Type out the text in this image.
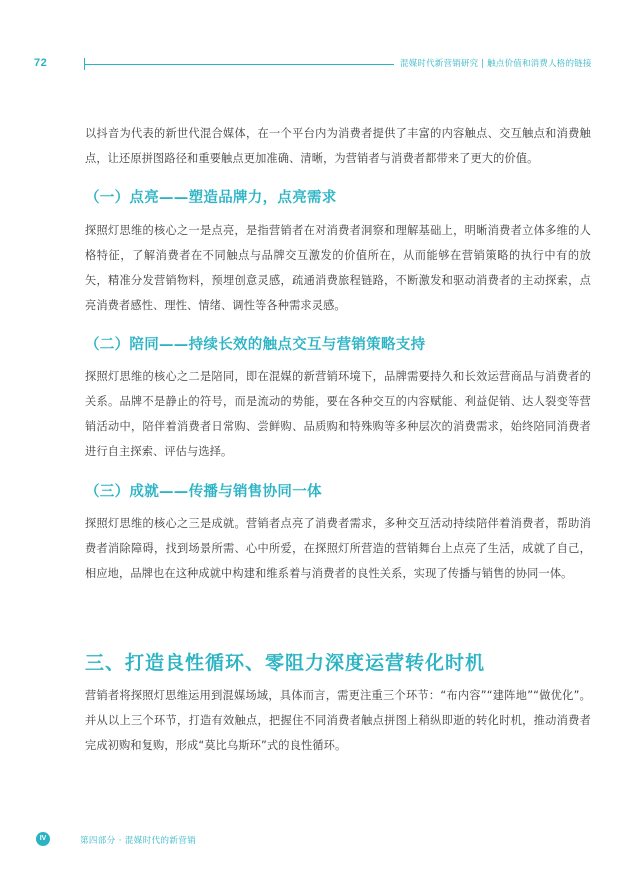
72	混媒时代新营销研究 | 触点价值和消费人格的链接

以抖音为代表的新世代混合媒体，在一个平台内为消费者提供了丰富的内容触点、交互触点和消费触点，让还原拼图路径和重要触点更加准确、清晰，为营销者与消费者都带来了更大的价值。

（一）点亮——塑造品牌力，点亮需求

探照灯思维的核心之一是点亮，是指营销者在对消费者洞察和理解基础上，明晰消费者立体多维的人格特征，了解消费者在不同触点与品牌交互激发的价值所在，从而能够在营销策略的执行中有的放矢，精准分发营销物料，预埋创意灵感，疏通消费旅程链路，不断激发和驱动消费者的主动探索，点亮消费者感性、理性、情绪、调性等各种需求灵感。

（二）陪同——持续长效的触点交互与营销策略支持

探照灯思维的核心之二是陪同，即在混媒的新营销环境下，品牌需要持久和长效运营商品与消费者的关系。品牌不是静止的符号，而是流动的势能，要在各种交互的内容赋能、利益促销、达人裂变等营销活动中，陪伴着消费者日常购、尝鲜购、品质购和特殊购等多种层次的消费需求，始终陪同消费者进行自主探索、评估与选择。

（三）成就——传播与销售协同一体

探照灯思维的核心之三是成就。营销者点亮了消费者需求，多种交互活动持续陪伴着消费者，帮助消费者消除障碍，找到场景所需、心中所爱，在探照灯所营造的营销舞台上点亮了生活，成就了自己，相应地，品牌也在这种成就中构建和维系着与消费者的良性关系，实现了传播与销售的协同一体。

三、打造良性循环、零阻力深度运营转化时机

营销者将探照灯思维运用到混媒场域，具体而言，需更注重三个环节：“布内容”“建阵地”“做优化”。并从以上三个环节，打造有效触点，把握住不同消费者触点拼图上稍纵即逝的转化时机，推动消费者完成初购和复购，形成“莫比乌斯环”式的良性循环。

IV	第四部分 · 混媒时代的新营销
